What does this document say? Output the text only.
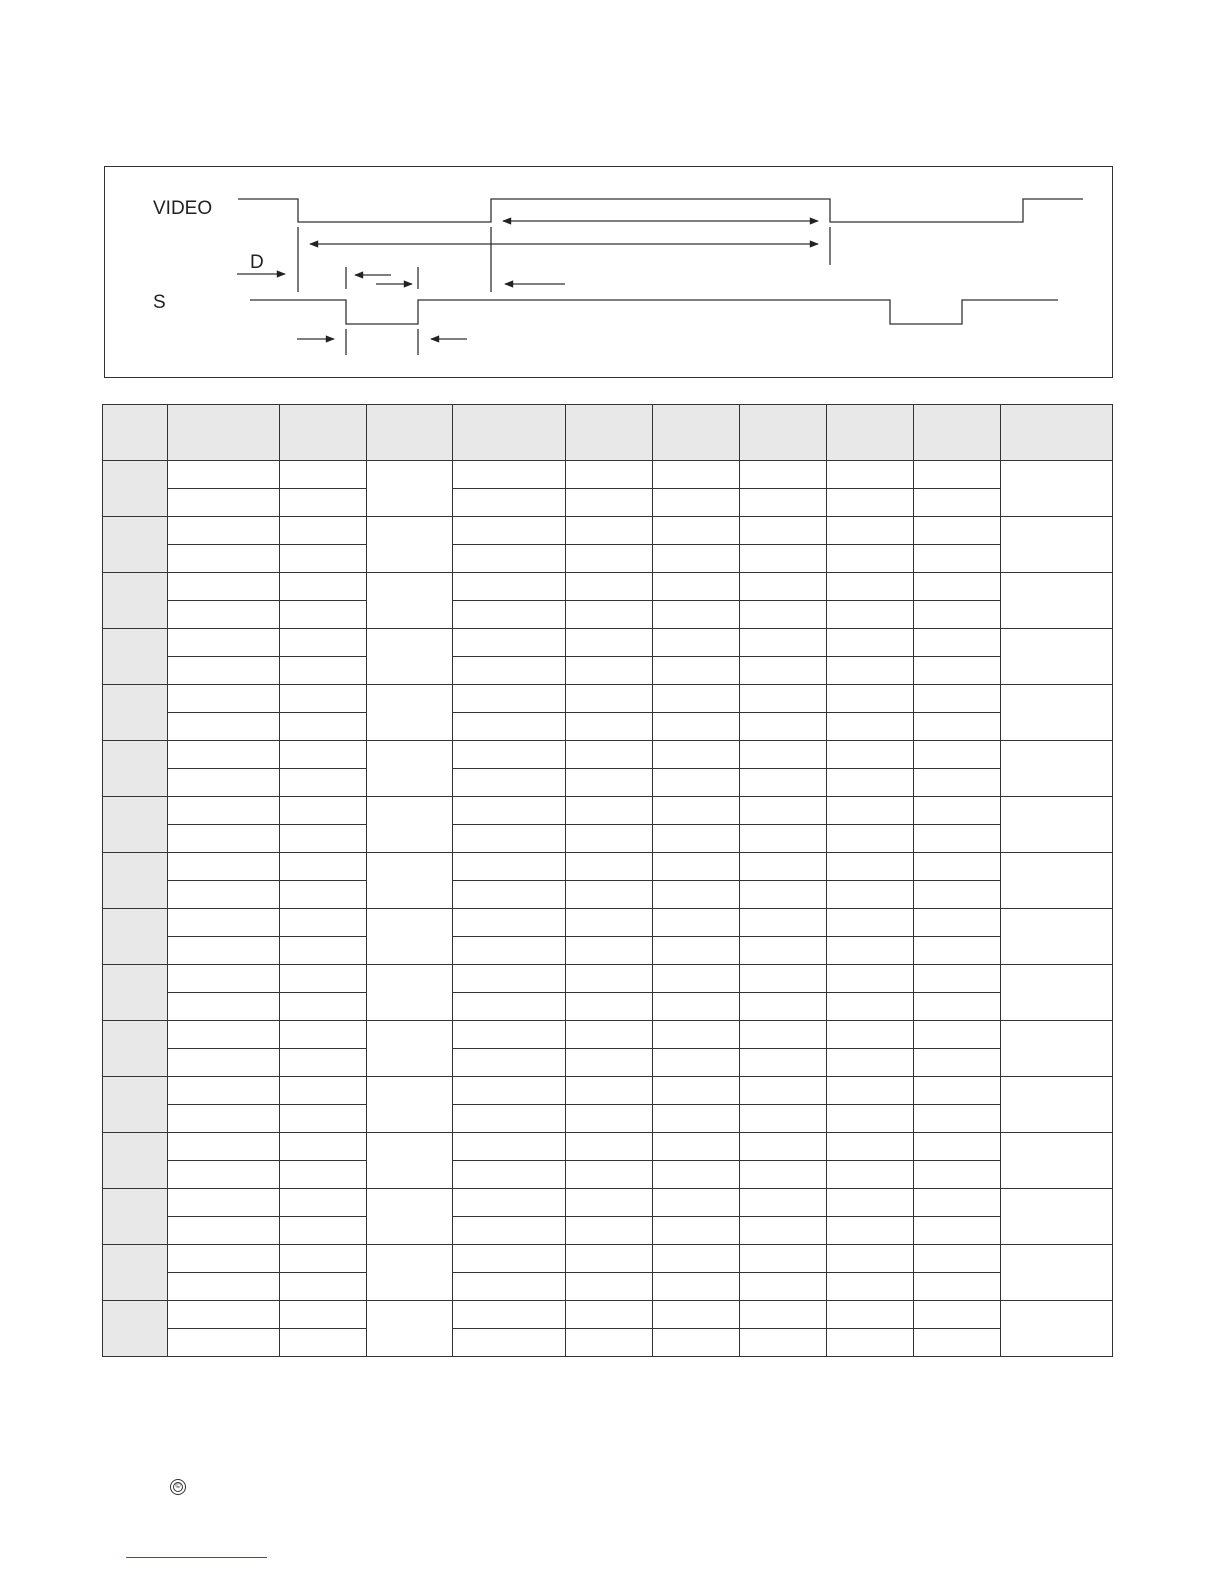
VIDEO
D
S

©
